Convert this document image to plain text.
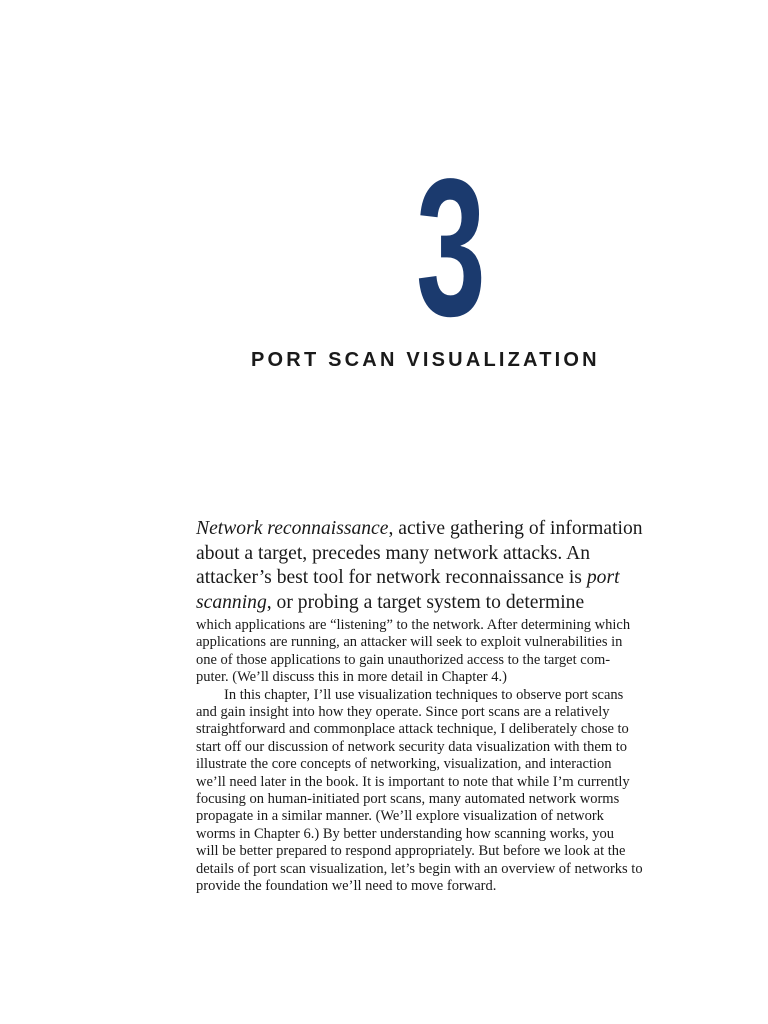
3
PORT SCAN VISUALIZATION
Network reconnaissance, active gathering of information
about a target, precedes many network attacks. An
attacker’s best tool for network reconnaissance is port
scanning, or probing a target system to determine
which applications are “listening” to the network. After determining which
applications are running, an attacker will seek to exploit vulnerabilities in
one of those applications to gain unauthorized access to the target com-
puter. (We’ll discuss this in more detail in Chapter 4.)
In this chapter, I’ll use visualization techniques to observe port scans
and gain insight into how they operate. Since port scans are a relatively
straightforward and commonplace attack technique, I deliberately chose to
start off our discussion of network security data visualization with them to
illustrate the core concepts of networking, visualization, and interaction
we’ll need later in the book. It is important to note that while I’m currently
focusing on human-initiated port scans, many automated network worms
propagate in a similar manner. (We’ll explore visualization of network
worms in Chapter 6.) By better understanding how scanning works, you
will be better prepared to respond appropriately. But before we look at the
details of port scan visualization, let’s begin with an overview of networks to
provide the foundation we’ll need to move forward.
